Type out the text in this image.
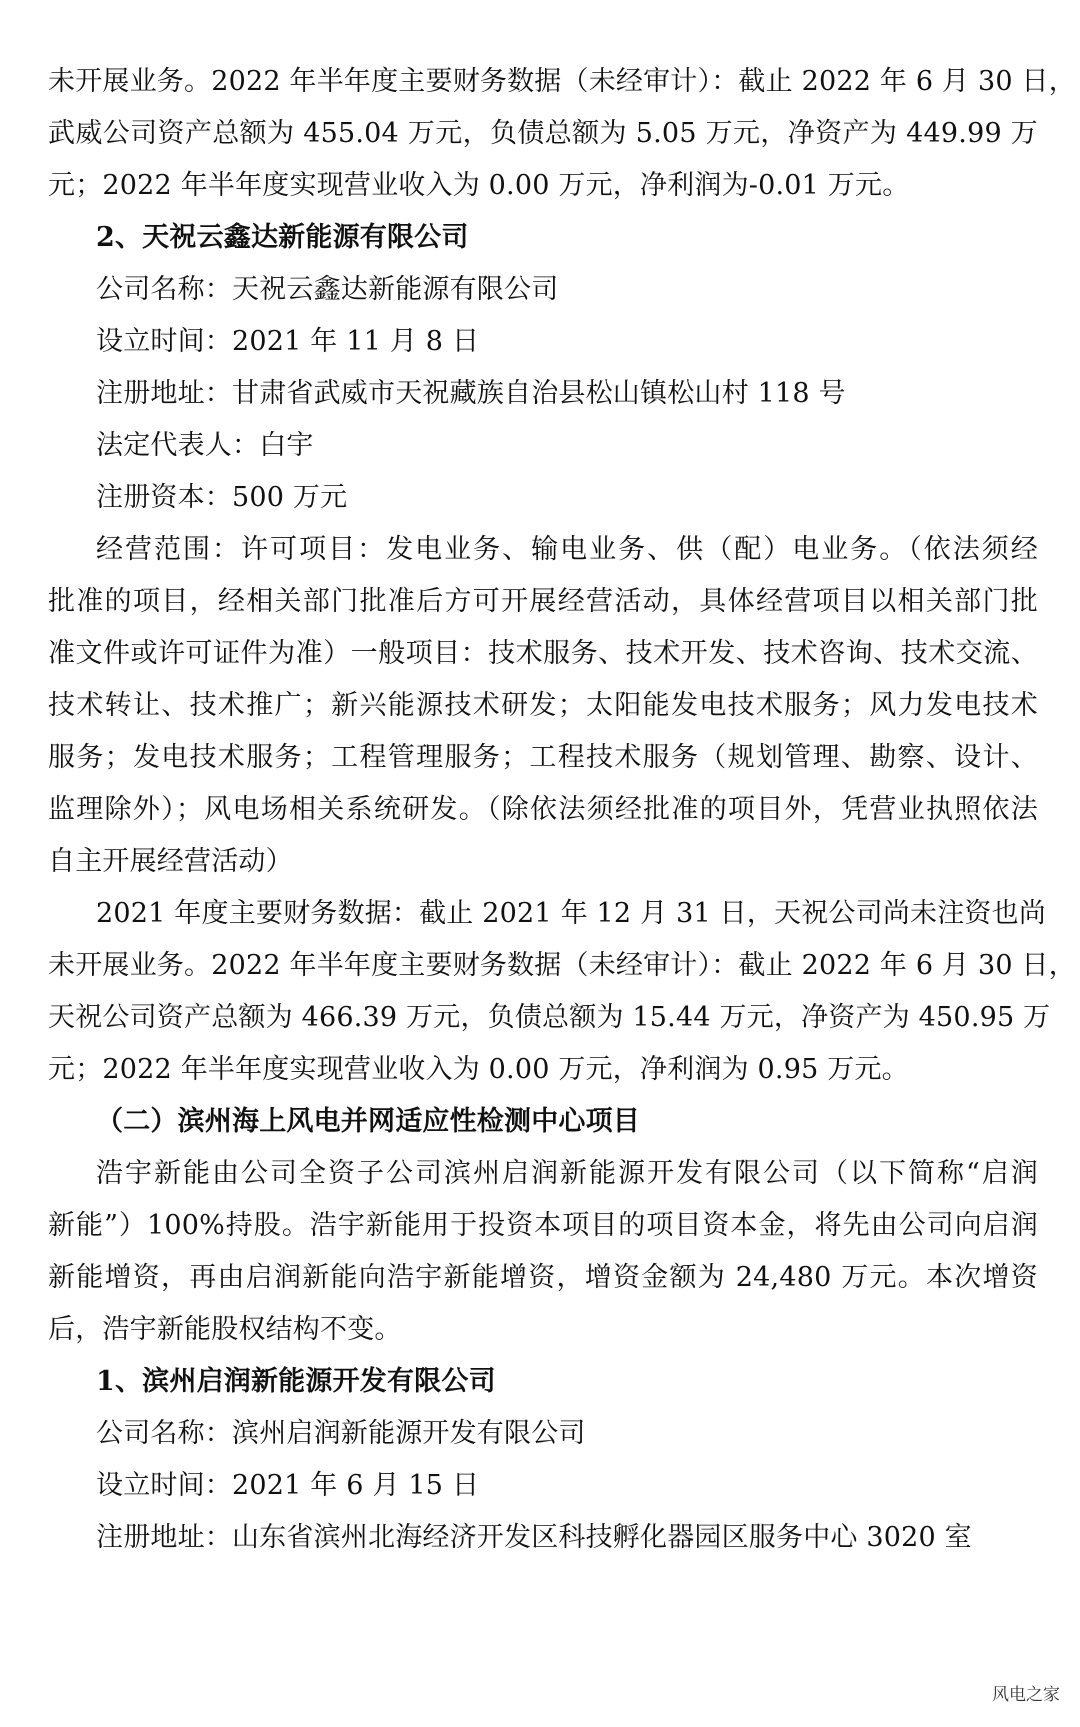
未开展业务。2022 年半年度主要财务数据（未经审计）：截止 2022 年 6 月 30 日，
武威公司资产总额为 455.04 万元，负债总额为 5.05 万元，净资产为 449.99 万
元；2022 年半年度实现营业收入为 0.00 万元，净利润为-0.01 万元。
2、天祝云鑫达新能源有限公司
公司名称：天祝云鑫达新能源有限公司
设立时间：2021 年 11 月 8 日
注册地址：甘肃省武威市天祝藏族自治县松山镇松山村 118 号
法定代表人：白宇
注册资本：500 万元
经营范围：许可项目：发电业务、输电业务、供（配）电业务。（依法须经
批准的项目，经相关部门批准后方可开展经营活动，具体经营项目以相关部门批
准文件或许可证件为准）一般项目：技术服务、技术开发、技术咨询、技术交流、
技术转让、技术推广；新兴能源技术研发；太阳能发电技术服务；风力发电技术
服务；发电技术服务；工程管理服务；工程技术服务（规划管理、勘察、设计、
监理除外）；风电场相关系统研发。（除依法须经批准的项目外，凭营业执照依法
自主开展经营活动）
2021 年度主要财务数据：截止 2021 年 12 月 31 日，天祝公司尚未注资也尚
未开展业务。2022 年半年度主要财务数据（未经审计）：截止 2022 年 6 月 30 日，
天祝公司资产总额为 466.39 万元，负债总额为 15.44 万元，净资产为 450.95 万
元；2022 年半年度实现营业收入为 0.00 万元，净利润为 0.95 万元。
（二）滨州海上风电并网适应性检测中心项目
浩宇新能由公司全资子公司滨州启润新能源开发有限公司（以下简称“启润
新能”）100%持股。浩宇新能用于投资本项目的项目资本金，将先由公司向启润
新能增资，再由启润新能向浩宇新能增资，增资金额为 24,480 万元。本次增资
后，浩宇新能股权结构不变。
1、滨州启润新能源开发有限公司
公司名称：滨州启润新能源开发有限公司
设立时间：2021 年 6 月 15 日
注册地址：山东省滨州北海经济开发区科技孵化器园区服务中心 3020 室
风电之家
